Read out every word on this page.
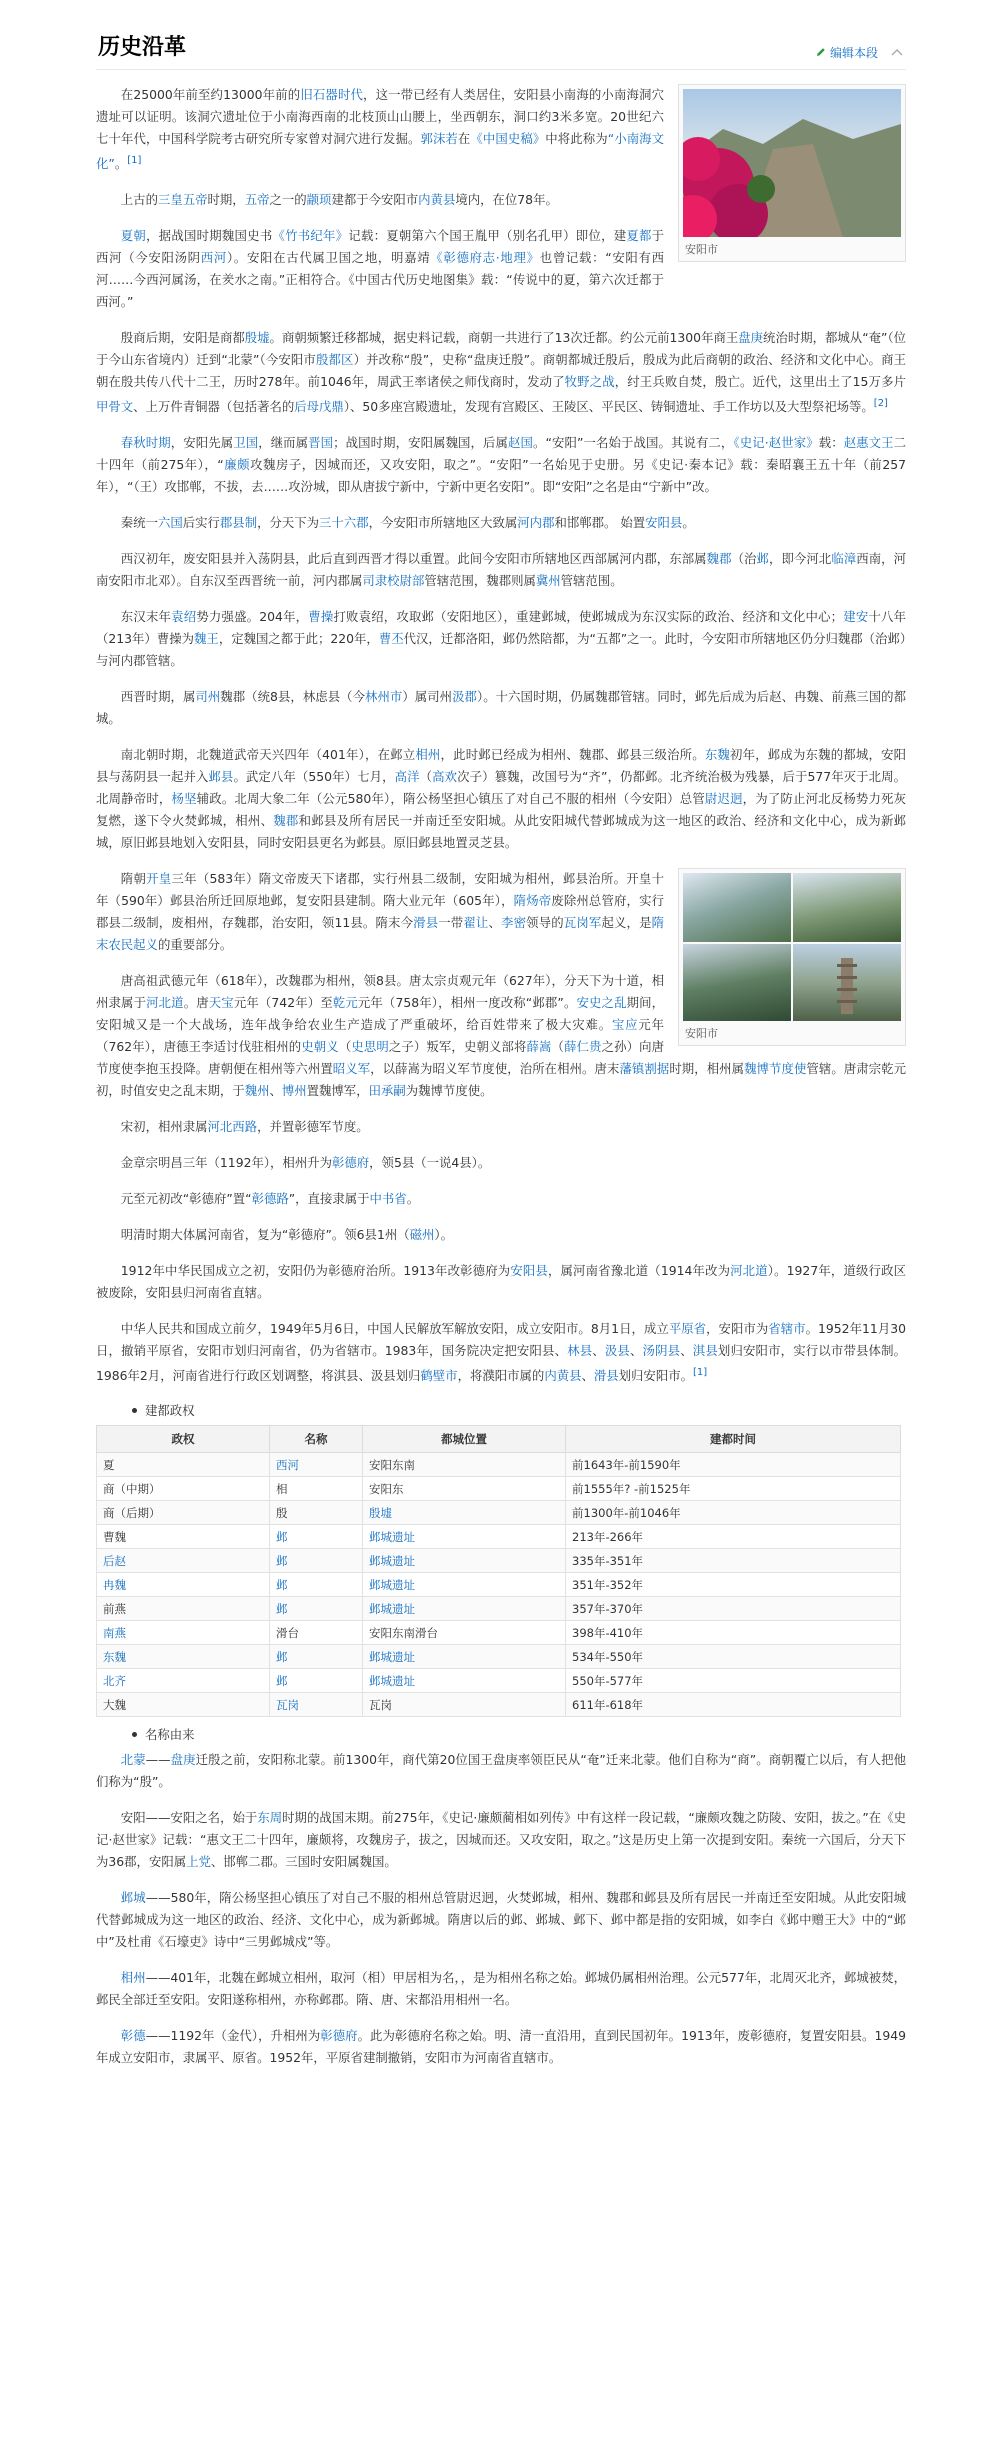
历史沿革	编辑本段
安阳市

在25000年前至约13000年前的旧石器时代，这一带已经有人类居住，安阳县小南海的小南海洞穴遗址可以证明。该洞穴遗址位于小南海西南的北枝顶山山腰上，坐西朝东，洞口约3米多宽。20世纪六七十年代，中国科学院考古研究所专家曾对洞穴进行发掘。郭沫若在《中国史稿》中将此称为“小南海文化”。[1]

上古的三皇五帝时期，五帝之一的颛顼建都于今安阳市内黄县境内，在位78年。

夏朝，据战国时期魏国史书《竹书纪年》记载：夏朝第六个国王胤甲（别名孔甲）即位，建夏都于西河（今安阳汤阴西河）。安阳在古代属卫国之地，明嘉靖《彰德府志·地理》也曾记载：“安阳有西河……今西河属汤，在羑水之南。”正相符合。《中国古代历史地图集》载：“传说中的夏，第六次迁都于西河。”

殷商后期，安阳是商都殷墟。商朝频繁迁移都城，据史料记载，商朝一共进行了13次迁都。约公元前1300年商王盘庚统治时期，都城从“奄”（位于今山东省境内）迁到“北蒙”（今安阳市殷都区）并改称“殷”，史称“盘庚迁殷”。商朝都城迁殷后，殷成为此后商朝的政治、经济和文化中心。商王朝在殷共传八代十二王，历时278年。前1046年，周武王率诸侯之师伐商时，发动了牧野之战，纣王兵败自焚，殷亡。近代，这里出土了15万多片甲骨文、上万件青铜器（包括著名的后母戊鼎）、50多座宫殿遗址，发现有宫殿区、王陵区、平民区、铸铜遗址、手工作坊以及大型祭祀场等。[2]

春秋时期，安阳先属卫国，继而属晋国；战国时期，安阳属魏国，后属赵国。“安阳”一名始于战国。其说有二，《史记·赵世家》载：赵惠文王二十四年（前275年），“廉颇攻魏房子，因城而还，又攻安阳，取之”。“安阳”一名始见于史册。另《史记·秦本记》载：秦昭襄王五十年（前257年），“（王）攻邯郸，不拔，去……攻汾城，即从唐拔宁新中，宁新中更名安阳”。即“安阳”之名是由“宁新中”改。

秦统一六国后实行郡县制，分天下为三十六郡，今安阳市所辖地区大致属河内郡和邯郸郡。 始置安阳县。

西汉初年，废安阳县并入荡阴县，此后直到西晋才得以重置。此间今安阳市所辖地区西部属河内郡，东部属魏郡（治邺，即今河北临漳西南，河南安阳市北邓）。自东汉至西晋统一前，河内郡属司隶校尉部管辖范围，魏郡则属冀州管辖范围。

东汉末年袁绍势力强盛。204年，曹操打败袁绍，攻取邺（安阳地区），重建邺城，使邺城成为东汉实际的政治、经济和文化中心；建安十八年（213年）曹操为魏王，定魏国之都于此；220年，曹丕代汉，迁都洛阳，邺仍然陪都，为“五都”之一。此时，今安阳市所辖地区仍分归魏郡（治邺）与河内郡管辖。

西晋时期，属司州魏郡（统8县，林虑县（今林州市）属司州汲郡）。十六国时期，仍属魏郡管辖。同时，邺先后成为后赵、冉魏、前燕三国的都城。

南北朝时期，北魏道武帝天兴四年（401年），在邺立相州，此时邺已经成为相州、魏郡、邺县三级治所。东魏初年，邺成为东魏的都城，安阳县与荡阴县一起并入邺县。武定八年（550年）七月，高洋（高欢次子）篡魏，改国号为“齐”，仍都邺。北齐统治极为残暴，后于577年灭于北周。北周静帝时，杨坚辅政。北周大象二年（公元580年），隋公杨坚担心镇压了对自己不服的相州（今安阳）总管尉迟迥，为了防止河北反杨势力死灰复燃，遂下令火焚邺城，相州、魏郡和邺县及所有居民一并南迁至安阳城。从此安阳城代替邺城成为这一地区的政治、经济和文化中心，成为新邺城，原旧邺县地划入安阳县，同时安阳县更名为邺县。原旧邺县地置灵芝县。

安阳市

隋朝开皇三年（583年）隋文帝废天下诸郡，实行州县二级制，安阳城为相州，邺县治所。开皇十年（590年）邺县治所迁回原地邺，复安阳县建制。隋大业元年（605年），隋炀帝废除州总管府，实行郡县二级制，废相州，存魏郡，治安阳，领11县。隋末今滑县一带翟让、李密领导的瓦岗军起义，是隋末农民起义的重要部分。

唐高祖武德元年（618年），改魏郡为相州，领8县。唐太宗贞观元年（627年），分天下为十道，相州隶属于河北道。唐天宝元年（742年）至乾元元年（758年），相州一度改称“邺郡”。安史之乱期间，安阳城又是一个大战场，连年战争给农业生产造成了严重破坏，给百姓带来了极大灾难。宝应元年（762年），唐德王李适讨伐驻相州的史朝义（史思明之子）叛军，史朝义部将薛嵩（薛仁贵之孙）向唐节度使李抱玉投降。唐朝便在相州等六州置昭义军，以薛嵩为昭义军节度使，治所在相州。唐末藩镇割据时期，相州属魏博节度使管辖。唐肃宗乾元初，时值安史之乱末期，于魏州、博州置魏博军，田承嗣为魏博节度使。

宋初，相州隶属河北西路，并置彰德军节度。

金章宗明昌三年（1192年），相州升为彰德府，领5县（一说4县）。

元至元初改“彰德府”置“彰德路”，直接隶属于中书省。

明清时期大体属河南省，复为“彰德府”。领6县1州（磁州）。

1912年中华民国成立之初，安阳仍为彰德府治所。1913年改彰德府为安阳县，属河南省豫北道（1914年改为河北道）。1927年，道级行政区被废除，安阳县归河南省直辖。

中华人民共和国成立前夕，1949年5月6日，中国人民解放军解放安阳，成立安阳市。8月1日，成立平原省，安阳市为省辖市。1952年11月30日，撤销平原省，安阳市划归河南省，仍为省辖市。1983年，国务院决定把安阳县、林县、汲县、汤阴县、淇县划归安阳市，实行以市带县体制。1986年2月，河南省进行行政区划调整，将淇县、汲县划归鹤壁市，将濮阳市属的内黄县、滑县划归安阳市。[1]

建都政权
政权	名称	都城位置	建都时间
夏	西河	安阳东南	前1643年-前1590年
商（中期）	相	安阳东	前1555年? -前1525年
商（后期）	殷	殷墟	前1300年-前1046年
曹魏	邺	邺城遗址	213年-266年
后赵	邺	邺城遗址	335年-351年
冉魏	邺	邺城遗址	351年-352年
前燕	邺	邺城遗址	357年-370年
南燕	滑台	安阳东南滑台	398年-410年
东魏	邺	邺城遗址	534年-550年
北齐	邺	邺城遗址	550年-577年
大魏	瓦岗	瓦岗	611年-618年
名称由来

北蒙——盘庚迁殷之前，安阳称北蒙。前1300年，商代第20位国王盘庚率领臣民从“奄”迁来北蒙。他们自称为“商”。商朝覆亡以后，有人把他们称为“殷”。

安阳——安阳之名，始于东周时期的战国末期。前275年，《史记·廉颇蔺相如列传》中有这样一段记载，“廉颇攻魏之防陵、安阳，拔之。”在《史记·赵世家》记载：“惠文王二十四年，廉颇将，攻魏房子，拔之，因城而还。又攻安阳，取之。”这是历史上第一次提到安阳。秦统一六国后，分天下为36郡，安阳属上党、邯郸二郡。三国时安阳属魏国。

邺城——580年，隋公杨坚担心镇压了对自己不服的相州总管尉迟迥，火焚邺城，相州、魏郡和邺县及所有居民一并南迁至安阳城。从此安阳城代替邺城成为这一地区的政治、经济、文化中心，成为新邺城。隋唐以后的邺、邺城、邺下、邺中都是指的安阳城，如李白《邺中赠王大》中的“邺中”及杜甫《石壕吏》诗中“三男邺城戍”等。

相州——401年，北魏在邺城立相州，取河（相）甲居相为名，，是为相州名称之始。邺城仍属相州治理。公元577年，北周灭北齐，邺城被焚，邺民全部迁至安阳。安阳遂称相州，亦称邺郡。隋、唐、宋都沿用相州一名。

彰德——1192年（金代），升相州为彰德府。此为彰德府名称之始。明、清一直沿用，直到民国初年。1913年，废彰德府，复置安阳县。1949年成立安阳市，隶属平、原省。1952年，平原省建制撤销，安阳市为河南省直辖市。
